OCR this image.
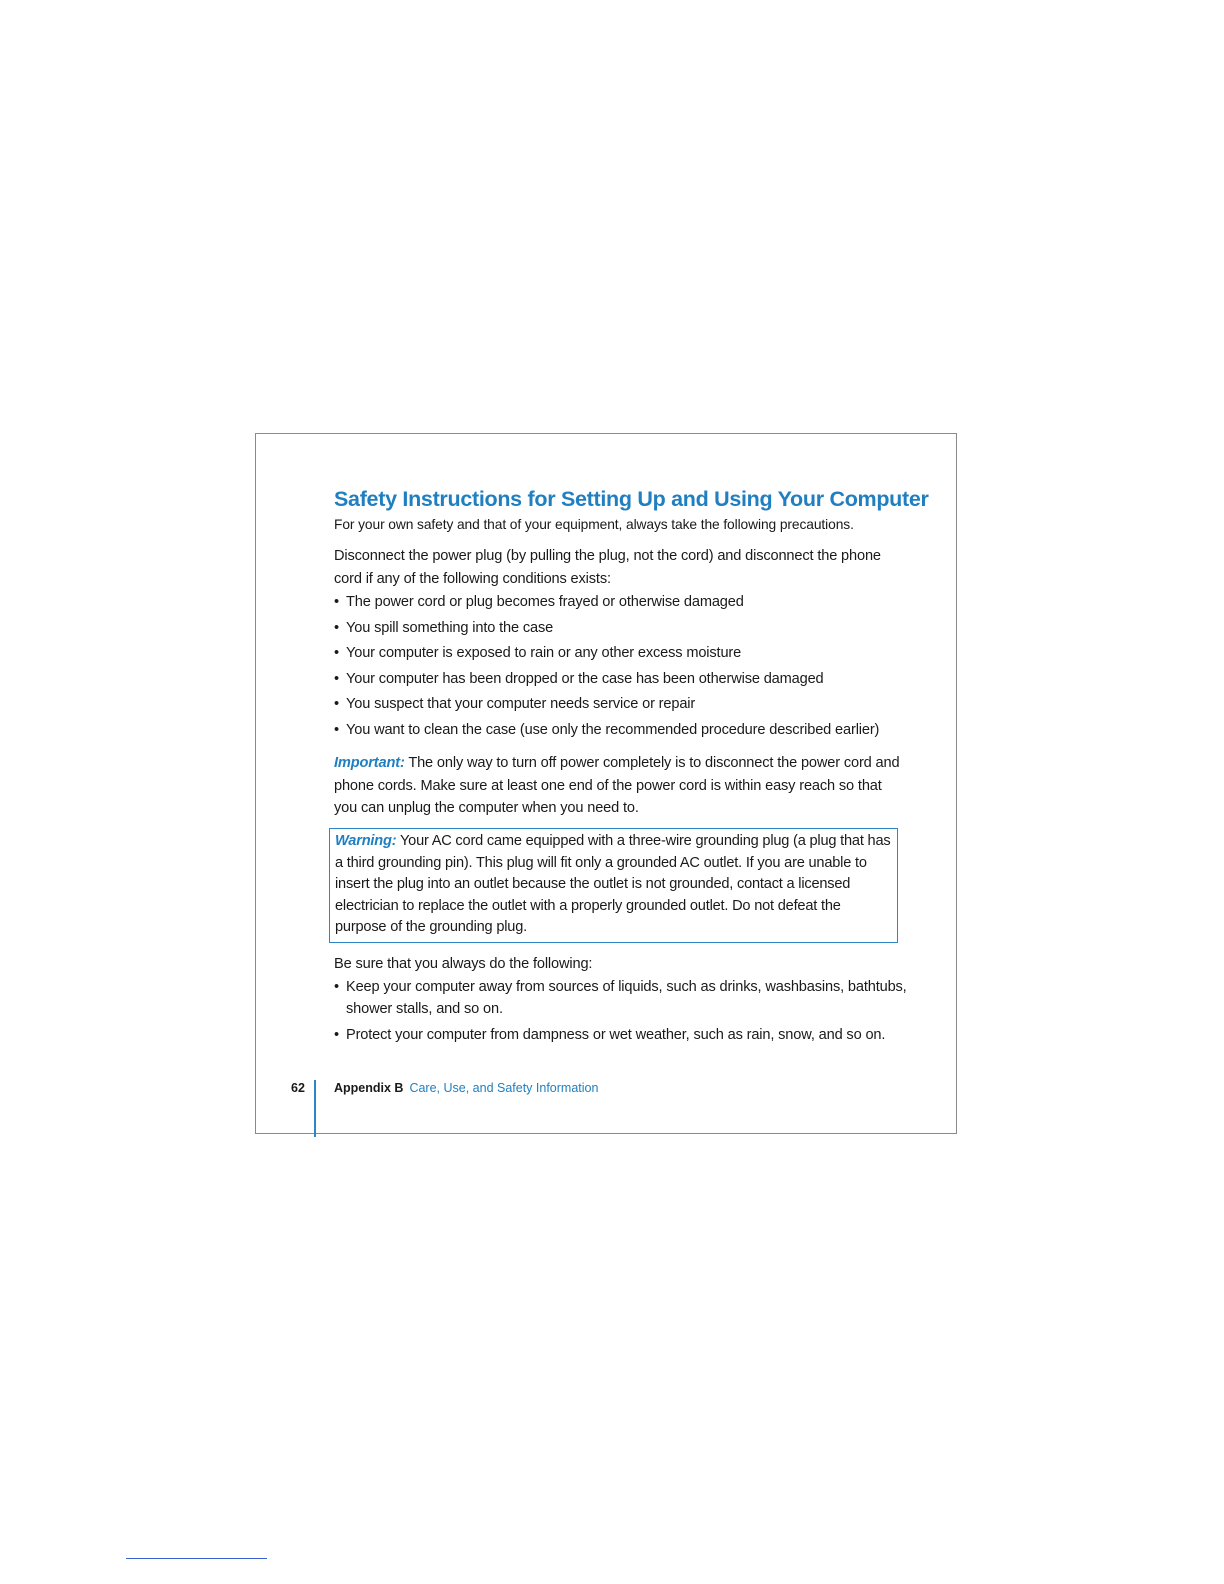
Safety Instructions for Setting Up and Using Your Computer

For your own safety and that of your equipment, always take the following precautions.

Disconnect the power plug (by pulling the plug, not the cord) and disconnect the phone cord if any of the following conditions exists:

• The power cord or plug becomes frayed or otherwise damaged
• You spill something into the case
• Your computer is exposed to rain or any other excess moisture
• Your computer has been dropped or the case has been otherwise damaged
• You suspect that your computer needs service or repair
• You want to clean the case (use only the recommended procedure described earlier)

Important: The only way to turn off power completely is to disconnect the power cord and phone cords. Make sure at least one end of the power cord is within easy reach so that you can unplug the computer when you need to.

Warning: Your AC cord came equipped with a three-wire grounding plug (a plug that has a third grounding pin). This plug will fit only a grounded AC outlet. If you are unable to insert the plug into an outlet because the outlet is not grounded, contact a licensed electrician to replace the outlet with a properly grounded outlet. Do not defeat the purpose of the grounding plug.

Be sure that you always do the following:

• Keep your computer away from sources of liquids, such as drinks, washbasins, bathtubs, shower stalls, and so on.
• Protect your computer from dampness or wet weather, such as rain, snow, and so on.
62 Appendix B Care, Use, and Safety Information
